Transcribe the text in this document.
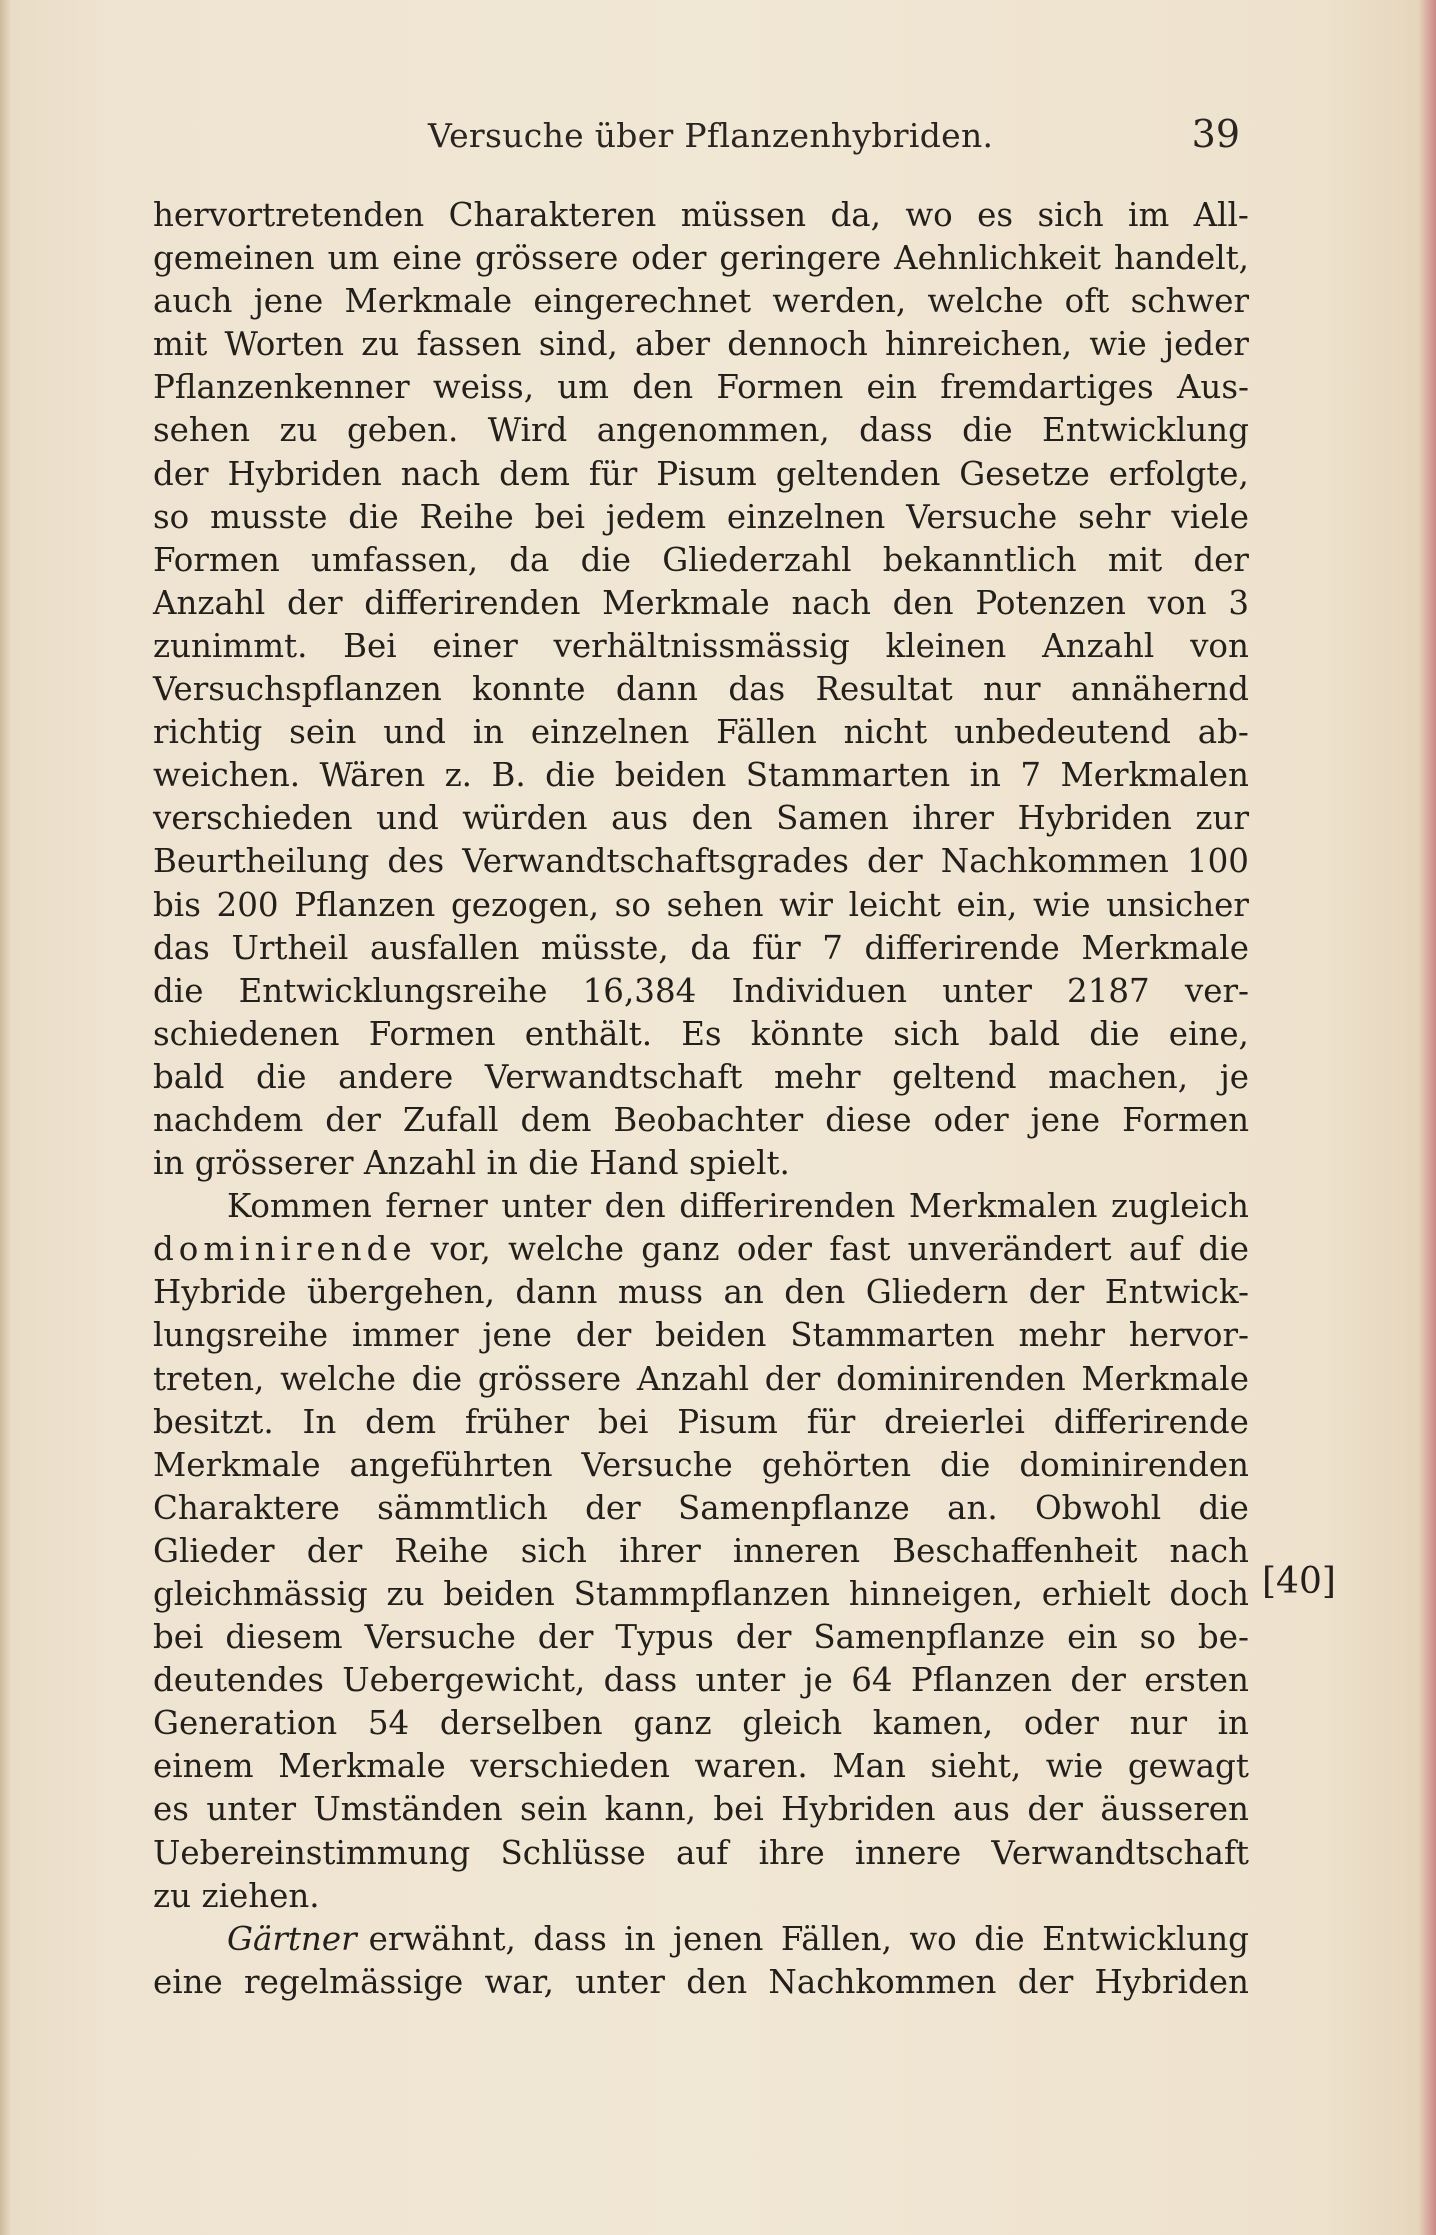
Versuche über Pflanzenhybriden.	39
hervortretenden Charakteren müssen da, wo es sich im All-
gemeinen um eine grössere oder geringere Aehnlichkeit handelt,
auch jene Merkmale eingerechnet werden, welche oft schwer
mit Worten zu fassen sind, aber dennoch hinreichen, wie jeder
Pflanzenkenner weiss, um den Formen ein fremdartiges Aus-
sehen zu geben. Wird angenommen, dass die Entwicklung
der Hybriden nach dem für Pisum geltenden Gesetze erfolgte,
so musste die Reihe bei jedem einzelnen Versuche sehr viele
Formen umfassen, da die Gliederzahl bekanntlich mit der
Anzahl der differirenden Merkmale nach den Potenzen von 3
zunimmt. Bei einer verhältnissmässig kleinen Anzahl von
Versuchspflanzen konnte dann das Resultat nur annähernd
richtig sein und in einzelnen Fällen nicht unbedeutend ab-
weichen. Wären z. B. die beiden Stammarten in 7 Merkmalen
verschieden und würden aus den Samen ihrer Hybriden zur
Beurtheilung des Verwandtschaftsgrades der Nachkommen 100
bis 200 Pflanzen gezogen, so sehen wir leicht ein, wie unsicher
das Urtheil ausfallen müsste, da für 7 differirende Merkmale
die Entwicklungsreihe 16,384 Individuen unter 2187 ver-
schiedenen Formen enthält. Es könnte sich bald die eine,
bald die andere Verwandtschaft mehr geltend machen, je
nachdem der Zufall dem Beobachter diese oder jene Formen
in grösserer Anzahl in die Hand spielt.
Kommen ferner unter den differirenden Merkmalen zugleich
dominirende vor, welche ganz oder fast unverändert auf die
Hybride übergehen, dann muss an den Gliedern der Entwick-
lungsreihe immer jene der beiden Stammarten mehr hervor-
treten, welche die grössere Anzahl der dominirenden Merkmale
besitzt. In dem früher bei Pisum für dreierlei differirende
Merkmale angeführten Versuche gehörten die dominirenden
Charaktere sämmtlich der Samenpflanze an. Obwohl die
Glieder der Reihe sich ihrer inneren Beschaffenheit nach
gleichmässig zu beiden Stammpflanzen hinneigen, erhielt doch
bei diesem Versuche der Typus der Samenpflanze ein so be-
deutendes Uebergewicht, dass unter je 64 Pflanzen der ersten
Generation 54 derselben ganz gleich kamen, oder nur in
einem Merkmale verschieden waren. Man sieht, wie gewagt
es unter Umständen sein kann, bei Hybriden aus der äusseren
Uebereinstimmung Schlüsse auf ihre innere Verwandtschaft
zu ziehen.
Gärtner erwähnt, dass in jenen Fällen, wo die Entwicklung
eine regelmässige war, unter den Nachkommen der Hybriden
[40]
